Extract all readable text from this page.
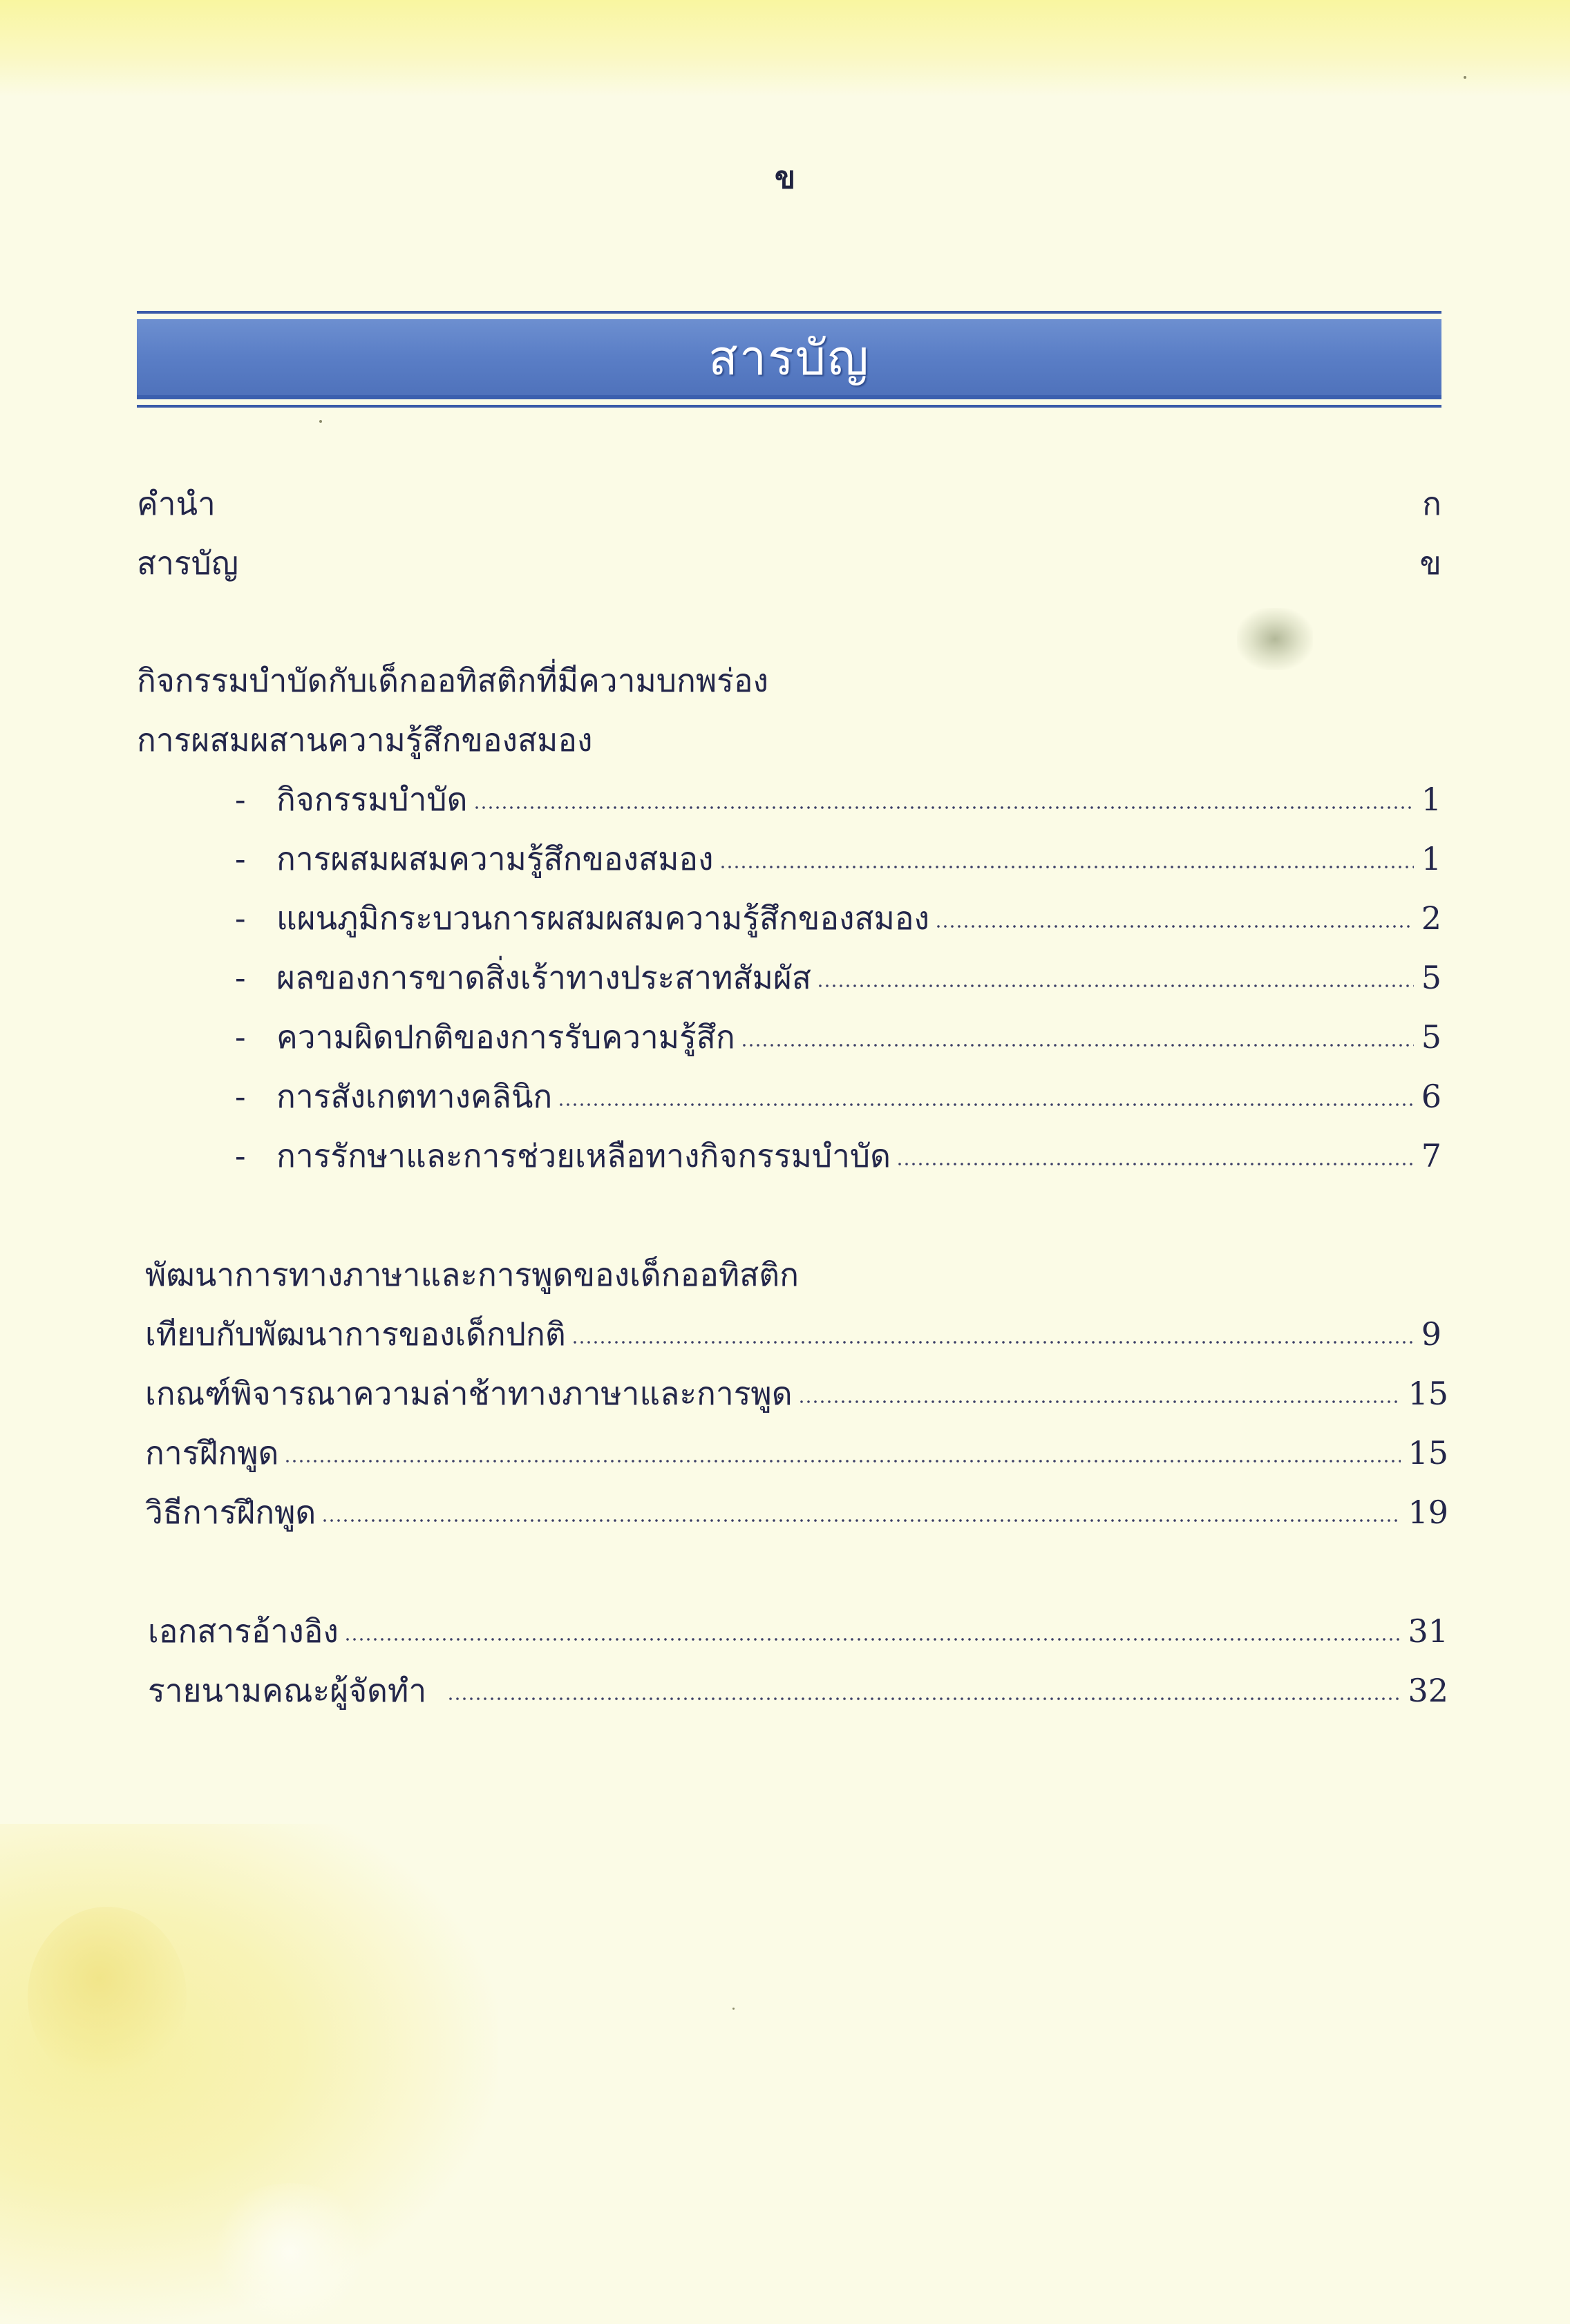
ข
สารบัญ
คำนำ	ก
สารบัญ	ข
กิจกรรมบำบัดกับเด็กออทิสติกที่มีความบกพร่อง
การผสมผสานความรู้สึกของสมอง
- กิจกรรมบำบัด	1
- การผสมผสมความรู้สึกของสมอง	1
- แผนภูมิกระบวนการผสมผสมความรู้สึกของสมอง	2
- ผลของการขาดสิ่งเร้าทางประสาทสัมผัส	5
- ความผิดปกติของการรับความรู้สึก	5
- การสังเกตทางคลินิก	6
- การรักษาและการช่วยเหลือทางกิจกรรมบำบัด	7
พัฒนาการทางภาษาและการพูดของเด็กออทิสติก
เทียบกับพัฒนาการของเด็กปกติ	9
เกณฑ์พิจารณาความล่าช้าทางภาษาและการพูด	15
การฝึกพูด	15
วิธีการฝึกพูด	19
เอกสารอ้างอิง	31
รายนามคณะผู้จัดทำ	32
